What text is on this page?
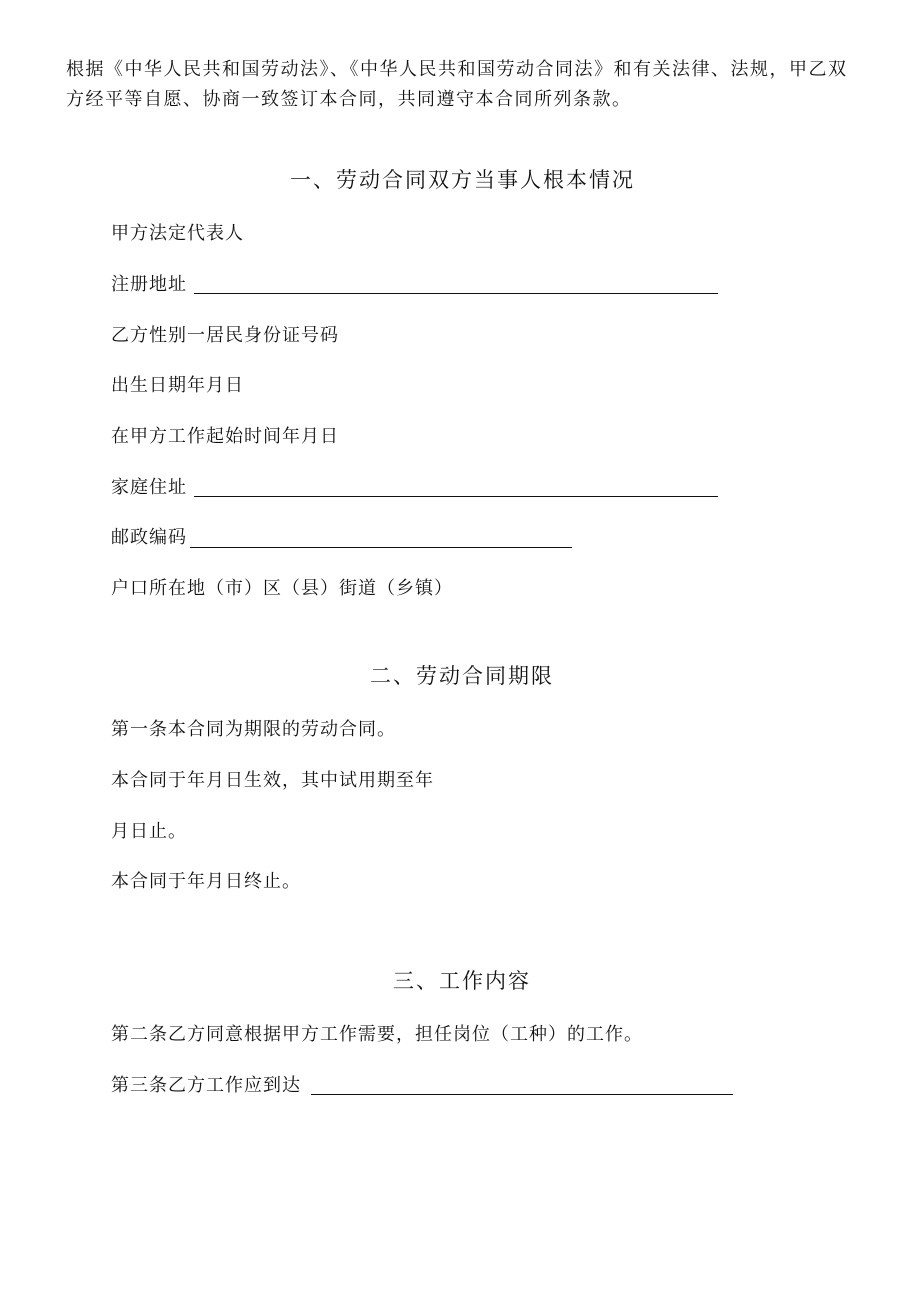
根据《中华人民共和国劳动法》、《中华人民共和国劳动合同法》和有关法律、法规，甲乙双方经平等自愿、协商一致签订本合同，共同遵守本合同所列条款。

一、劳动合同双方当事人根本情况

甲方法定代表人

注册地址

乙方性别一居民身份证号码

出生日期年月日

在甲方工作起始时间年月日

家庭住址

邮政编码

户口所在地（市）区（县）街道（乡镇）

二、劳动合同期限

第一条本合同为期限的劳动合同。

本合同于年月日生效，其中试用期至年

月日止。

本合同于年月日终止。

三、工作内容

第二条乙方同意根据甲方工作需要，担任岗位（工种）的工作。

第三条乙方工作应到达
